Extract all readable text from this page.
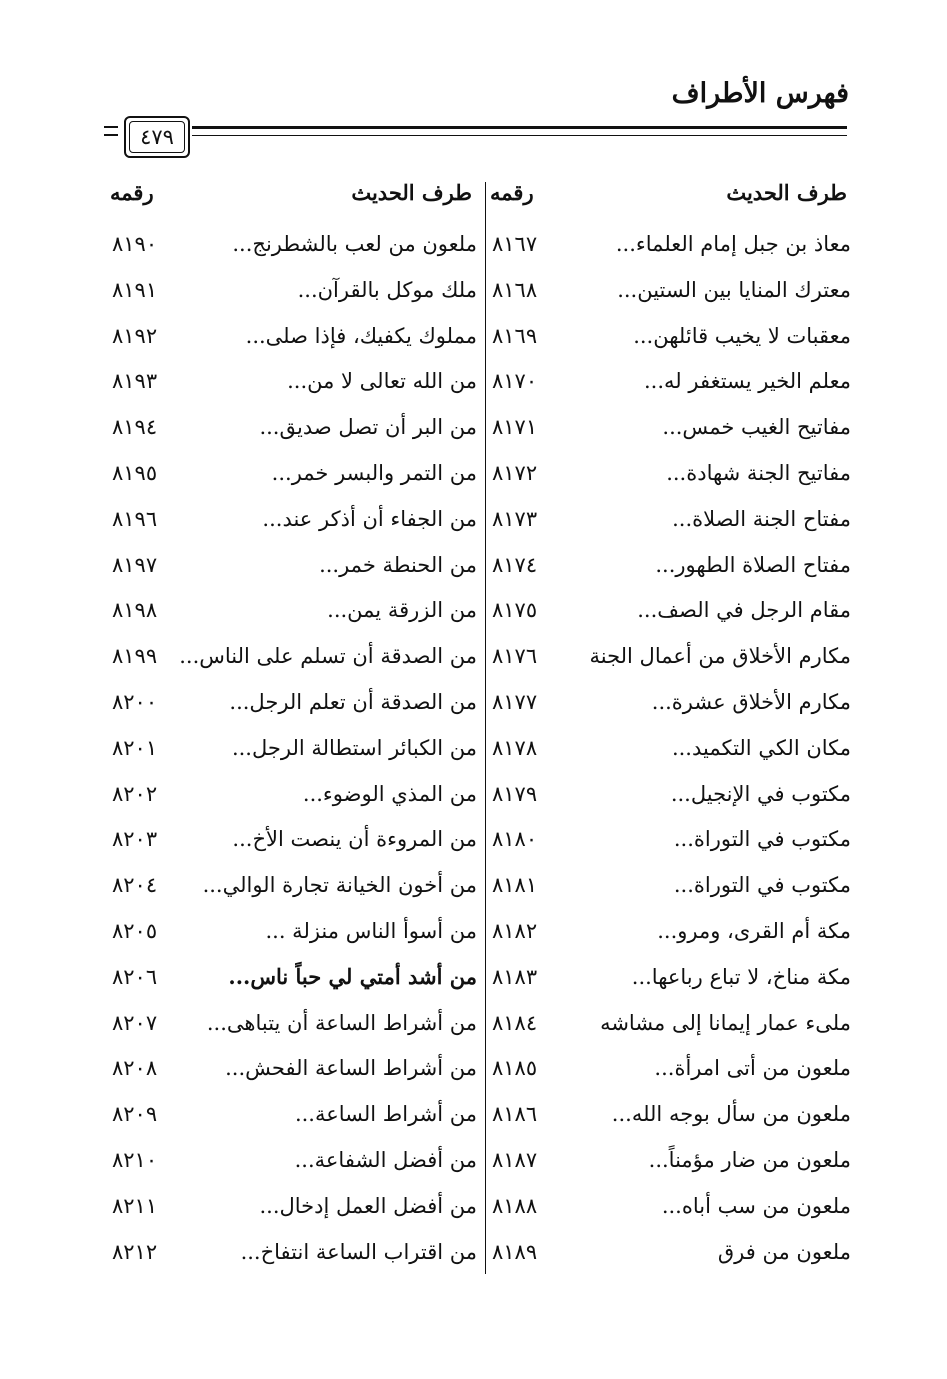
فهرس الأطراف
٤٧٩
طرف الحديث
رقمه
طرف الحديث
رقمه
معاذ بن جبل إمام العلماء...
٨١٦٧
ملعون من لعب بالشطرنج...
٨١٩٠
معترك المنايا بين الستين...
٨١٦٨
ملك موكل بالقرآن...
٨١٩١
معقبات لا يخيب قائلهن...
٨١٦٩
مملوك يكفيك، فإذا صلى...
٨١٩٢
معلم الخير يستغفر له...
٨١٧٠
من الله تعالى لا من...
٨١٩٣
مفاتيح الغيب خمس...
٨١٧١
من البر أن تصل صديق...
٨١٩٤
مفاتيح الجنة شهادة...
٨١٧٢
من التمر والبسر خمر...
٨١٩٥
مفتاح الجنة الصلاة...
٨١٧٣
من الجفاء أن أذكر عند...
٨١٩٦
مفتاح الصلاة الطهور...
٨١٧٤
من الحنطة خمر...
٨١٩٧
مقام الرجل في الصف...
٨١٧٥
من الزرقة يمن...
٨١٩٨
مكارم الأخلاق من أعمال الجنة
٨١٧٦
من الصدقة أن تسلم على الناس...
٨١٩٩
مكارم الأخلاق عشرة...
٨١٧٧
من الصدقة أن تعلم الرجل...
٨٢٠٠
مكان الكي التكميد...
٨١٧٨
من الكبائر استطالة الرجل...
٨٢٠١
مكتوب في الإنجيل...
٨١٧٩
من المذي الوضوء...
٨٢٠٢
مكتوب في التوراة...
٨١٨٠
من المروءة أن ينصت الأخ...
٨٢٠٣
مكتوب في التوراة...
٨١٨١
من أخون الخيانة تجارة الوالي...
٨٢٠٤
مكة أم القرى، ومرو...
٨١٨٢
من أسوأ الناس منزلة ...
٨٢٠٥
مكة مناخ، لا تباع رباعها...
٨١٨٣
من أشد أمتي لي حباً ناس...
٨٢٠٦
ملىء عمار إيمانا إلى مشاشه
٨١٨٤
من أشراط الساعة أن يتباهى...
٨٢٠٧
ملعون من أتى امرأة...
٨١٨٥
من أشراط الساعة الفحش...
٨٢٠٨
ملعون من سأل بوجه الله...
٨١٨٦
من أشراط الساعة...
٨٢٠٩
ملعون من ضار مؤمناً...
٨١٨٧
من أفضل الشفاعة...
٨٢١٠
ملعون من سب أباه...
٨١٨٨
من أفضل العمل إدخال...
٨٢١١
ملعون من فرق
٨١٨٩
من اقتراب الساعة انتفاخ...
٨٢١٢
